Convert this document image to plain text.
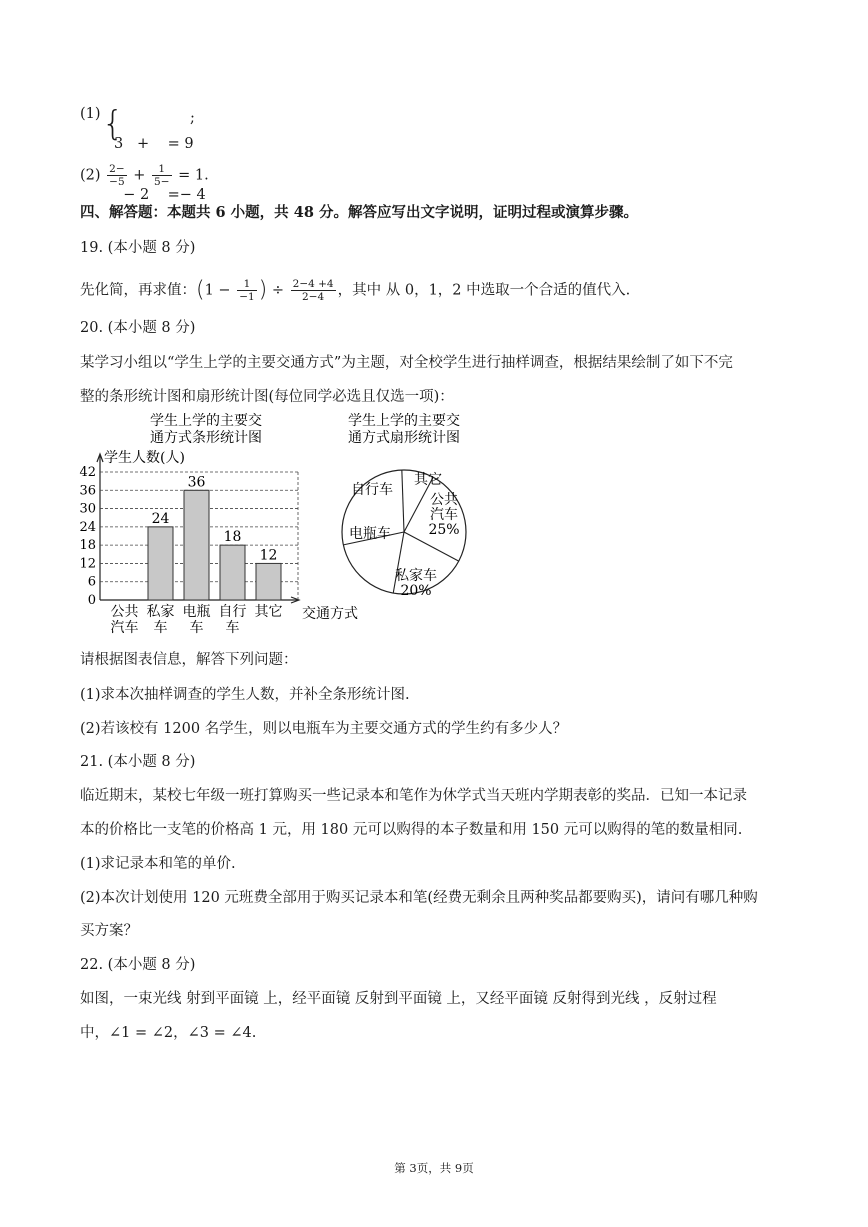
(1) {

3   +    = 9

− 2    =− 4

;
$(2) \frac{2-}{-5} + \frac{1}{5-} = 1$.
四、解答题：本题共 6 小题，共 48 分。解答应写出文字说明，证明过程或演算步骤。
19. (本小题 8 分)
先化简，再求值：($1 - \frac{1}{-1}$ ) ÷ $\frac{2-4 +4}{2-4}$ ，其中 从 0，1，2 中选取一个合适的值代入.
20. (本小题 8 分)
某学习小组以“学生上学的主要交通方式”为主题，对全校学生进行抽样调查，根据结果绘制了如下不完
整的条形统计图和扇形统计图(每位同学必选且仅选一项)：
学生上学的主要交
通方式条形统计图
学生上学的主要交
通方式扇形统计图
学生人数(人)
交通方式
0
6
12
18
24
30
36
42
公共
汽车
24
私家
车
36
电瓶
车
18
自行
车
12
其它
其它
公共
汽车
25%
私家车
20%
电瓶车
自行车
请根据图表信息，解答下列问题：
(1)求本次抽样调查的学生人数，并补全条形统计图.
(2)若该校有 1200 名学生，则以电瓶车为主要交通方式的学生约有多少人？
21. (本小题 8 分)
临近期末，某校七年级一班打算购买一些记录本和笔作为休学式当天班内学期表彰的奖品．已知一本记录
本的价格比一支笔的价格高 1 元，用 180 元可以购得的本子数量和用 150 元可以购得的笔的数量相同.
(1)求记录本和笔的单价.
(2)本次计划使用 120 元班费全部用于购买记录本和笔(经费无剩余且两种奖品都要购买)，请问有哪几种购
买方案？
22. (本小题 8 分)
如图，一束光线 射到平面镜 上，经平面镜 反射到平面镜 上，又经平面镜 反射得到光线 ，反射过程
中，∠1 = ∠2，∠3 = ∠4.
第 3页，共 9页
